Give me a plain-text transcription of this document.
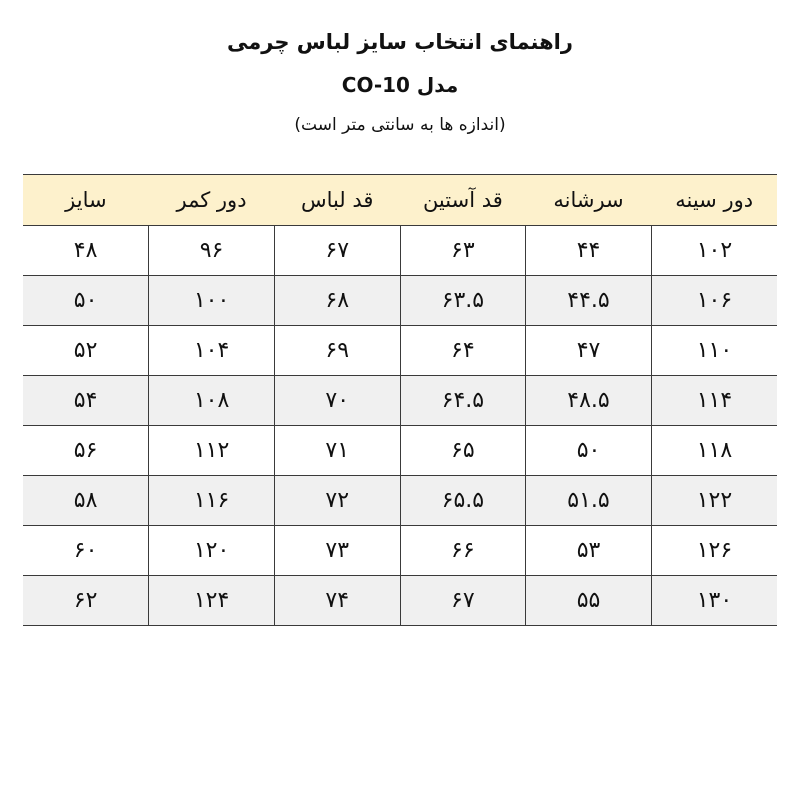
راهنمای انتخاب سایز لباس چرمی
مدل CO-10
(اندازه ها به سانتی متر است)
دور سینه	سرشانه	قد آستین	قد لباس	دور کمر	سایز
۱۰۲	۴۴	۶۳	۶۷	۹۶	۴۸
۱۰۶	۴۴.۵	۶۳.۵	۶۸	۱۰۰	۵۰
۱۱۰	۴۷	۶۴	۶۹	۱۰۴	۵۲
۱۱۴	۴۸.۵	۶۴.۵	۷۰	۱۰۸	۵۴
۱۱۸	۵۰	۶۵	۷۱	۱۱۲	۵۶
۱۲۲	۵۱.۵	۶۵.۵	۷۲	۱۱۶	۵۸
۱۲۶	۵۳	۶۶	۷۳	۱۲۰	۶۰
۱۳۰	۵۵	۶۷	۷۴	۱۲۴	۶۲
